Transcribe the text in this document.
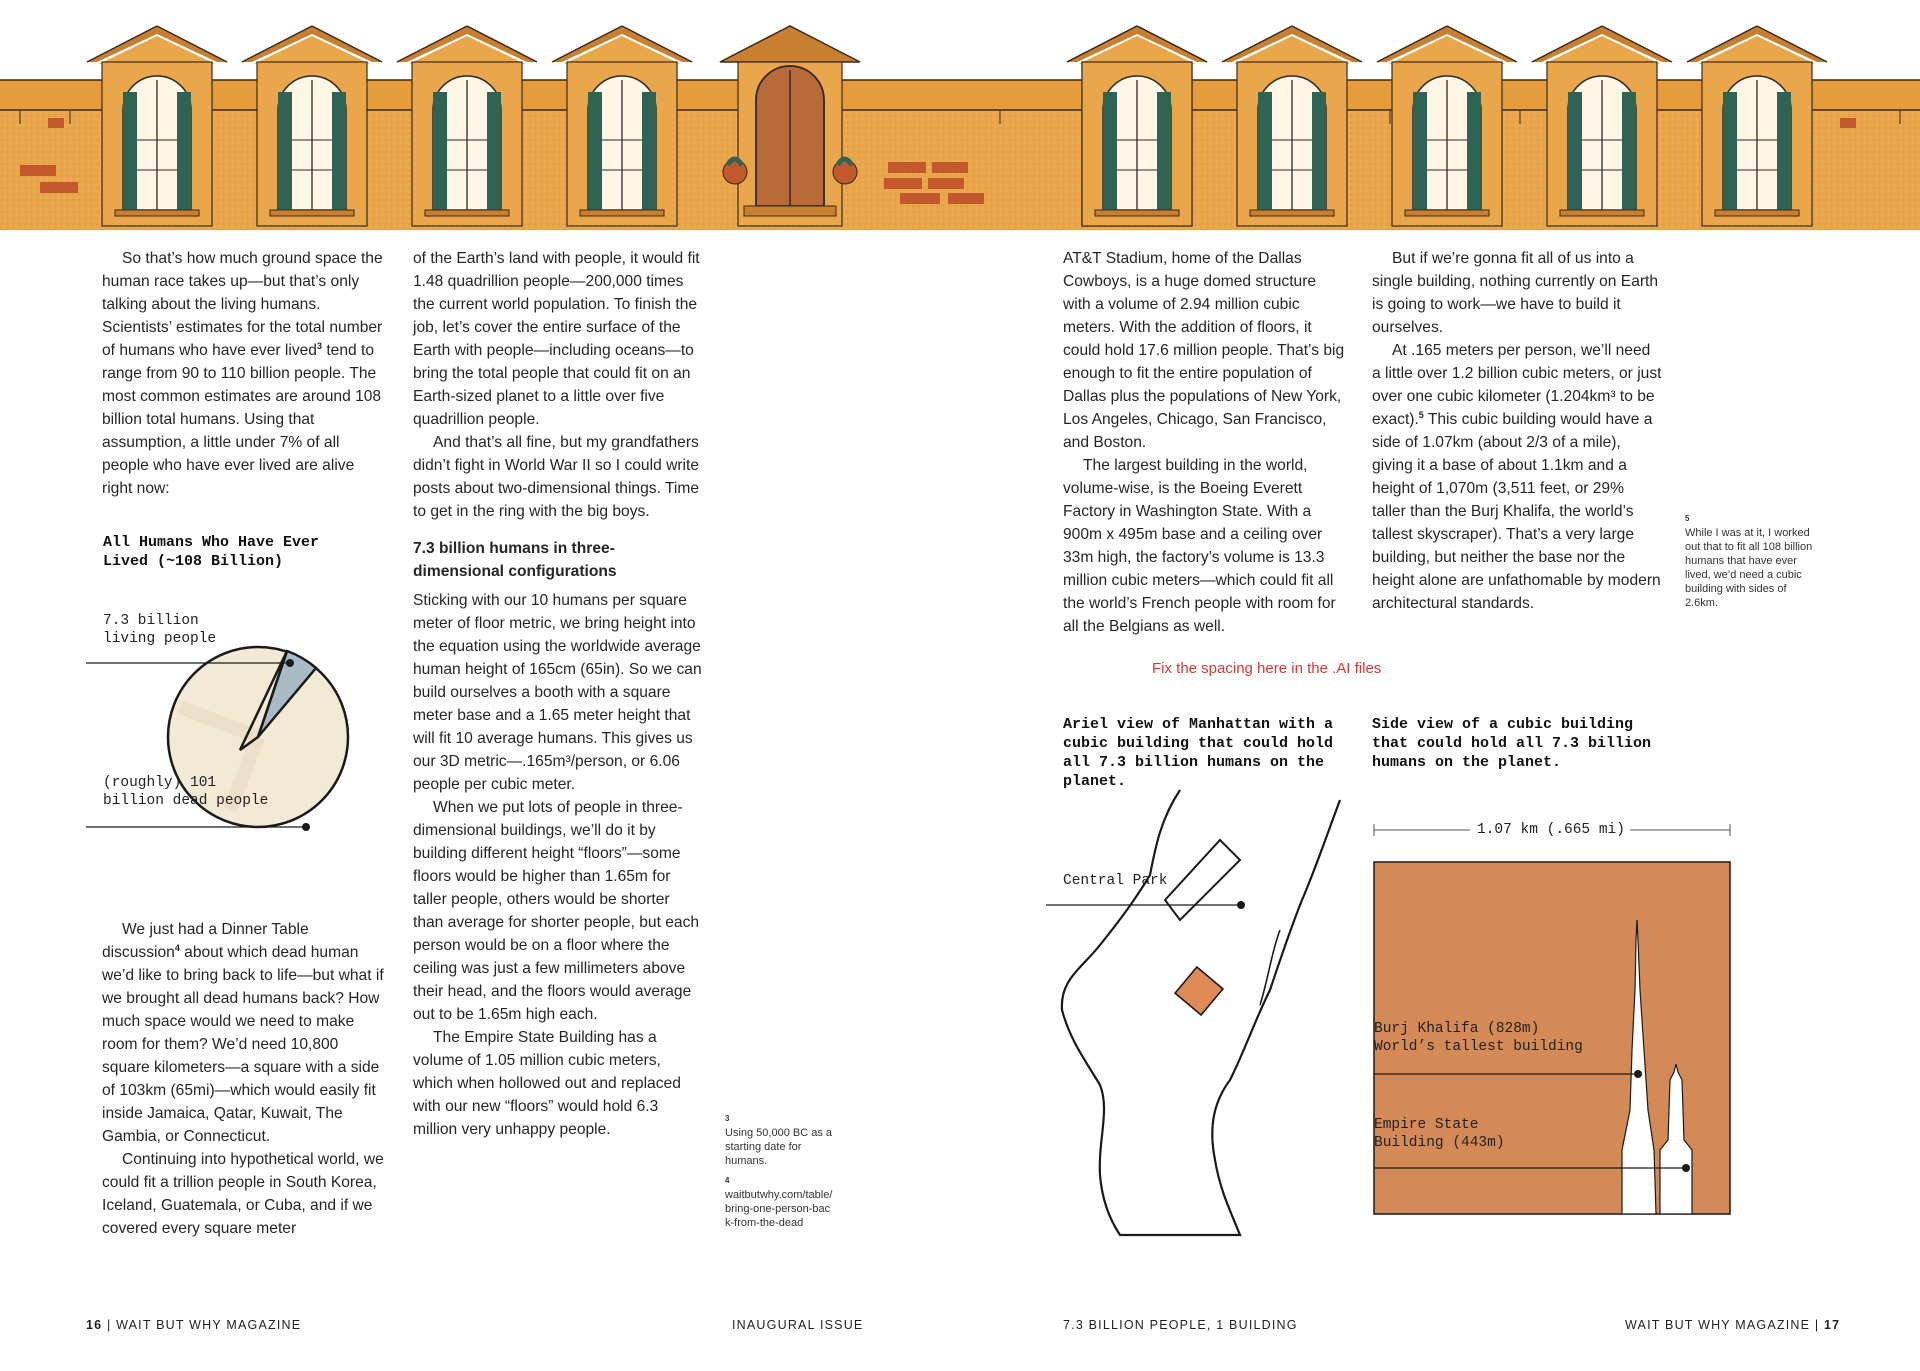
So that’s how much ground space the human race takes up—but that’s only talking about the living humans. Scientists’ estimates for the total number of humans who have ever lived$^3$ tend to range from 90 to 110 billion people. The most common estimates are around 108 billion total humans. Using that assumption, a little under 7% of all people who have ever lived are alive right now:

All Humans Who Have Ever Lived (~108 Billion)
7.3 billion living people
(roughly) 101 billion dead people

We just had a Dinner Table discussion$^4$ about which dead human we’d like to bring back to life—but what if we brought all dead humans back? How much space would we need to make room for them? We’d need 10,800 square kilometers—a square with a side of 103km (65mi)—which would easily fit inside Jamaica, Qatar, Kuwait, The Gambia, or Connecticut.

Continuing into hypothetical world, we could fit a trillion people in South Korea, Iceland, Guatemala, or Cuba, and if we covered every square meter

of the Earth’s land with people, it would fit 1.48 quadrillion people—200,000 times the current world population. To finish the job, let’s cover the entire surface of the Earth with people—including oceans—to bring the total people that could fit on an Earth-sized planet to a little over five quadrillion people.

And that’s all fine, but my grandfathers didn’t fight in World War II so I could write posts about two-dimensional things. Time to get in the ring with the big boys.

7.3 billion humans in three-dimensional configurations

Sticking with our 10 humans per square meter of floor metric, we bring height into the equation using the worldwide average human height of 165cm (65in). So we can build ourselves a booth with a square meter base and a 1.65 meter height that will fit 10 average humans. This gives us our 3D metric—.165m³/person, or 6.06 people per cubic meter.

When we put lots of people in three-dimensional buildings, we’ll do it by building different height “floors”—some floors would be higher than 1.65m for taller people, others would be shorter than average for shorter people, but each person would be on a floor where the ceiling was just a few millimeters above their head, and the floors would average out to be 1.65m high each.

The Empire State Building has a volume of 1.05 million cubic meters, which when hollowed out and replaced with our new “floors” would hold 6.3 million very unhappy people.

3
Using 50,000 BC as a starting date for humans.
4
waitbutwhy.com/table/bring-one-person-back-from-the-dead

AT&T Stadium, home of the Dallas Cowboys, is a huge domed structure with a volume of 2.94 million cubic meters. With the addition of floors, it could hold 17.6 million people. That’s big enough to fit the entire population of Dallas plus the populations of New York, Los Angeles, Chicago, San Francisco, and Boston.

The largest building in the world, volume-wise, is the Boeing Everett Factory in Washington State. With a 900m x 495m base and a ceiling over 33m high, the factory’s volume is 13.3 million cubic meters—which could fit all the world’s French people with room for all the Belgians as well.

But if we’re gonna fit all of us into a single building, nothing currently on Earth is going to work—we have to build it ourselves.

At .165 meters per person, we’ll need a little over 1.2 billion cubic meters, or just over one cubic kilometer (1.204km³ to be exact).$^5$ This cubic building would have a side of 1.07km (about 2/3 of a mile), giving it a base of about 1.1km and a height of 1,070m (3,511 feet, or 29% taller than the Burj Khalifa, the world’s tallest skyscraper). That’s a very large building, but neither the base nor the height alone are unfathomable by modern architectural standards.

5
While I was at it, I worked out that to fit all 108 billion humans that have ever lived, we’d need a cubic building with sides of 2.6km.
Fix the spacing here in the .AI files
Ariel view of Manhattan with a cubic building that could hold all 7.3 billion humans on the planet.
Central Park
Side view of a cubic building that could hold all 7.3 billion humans on the planet.
1.07 km (.665 mi)
Burj Khalifa (828m) World’s tallest building
Empire State Building (443m)
16 | WAIT BUT WHY MAGAZINE	INAUGURAL ISSUE	7.3 BILLION PEOPLE, 1 BUILDING	WAIT BUT WHY MAGAZINE | 17
